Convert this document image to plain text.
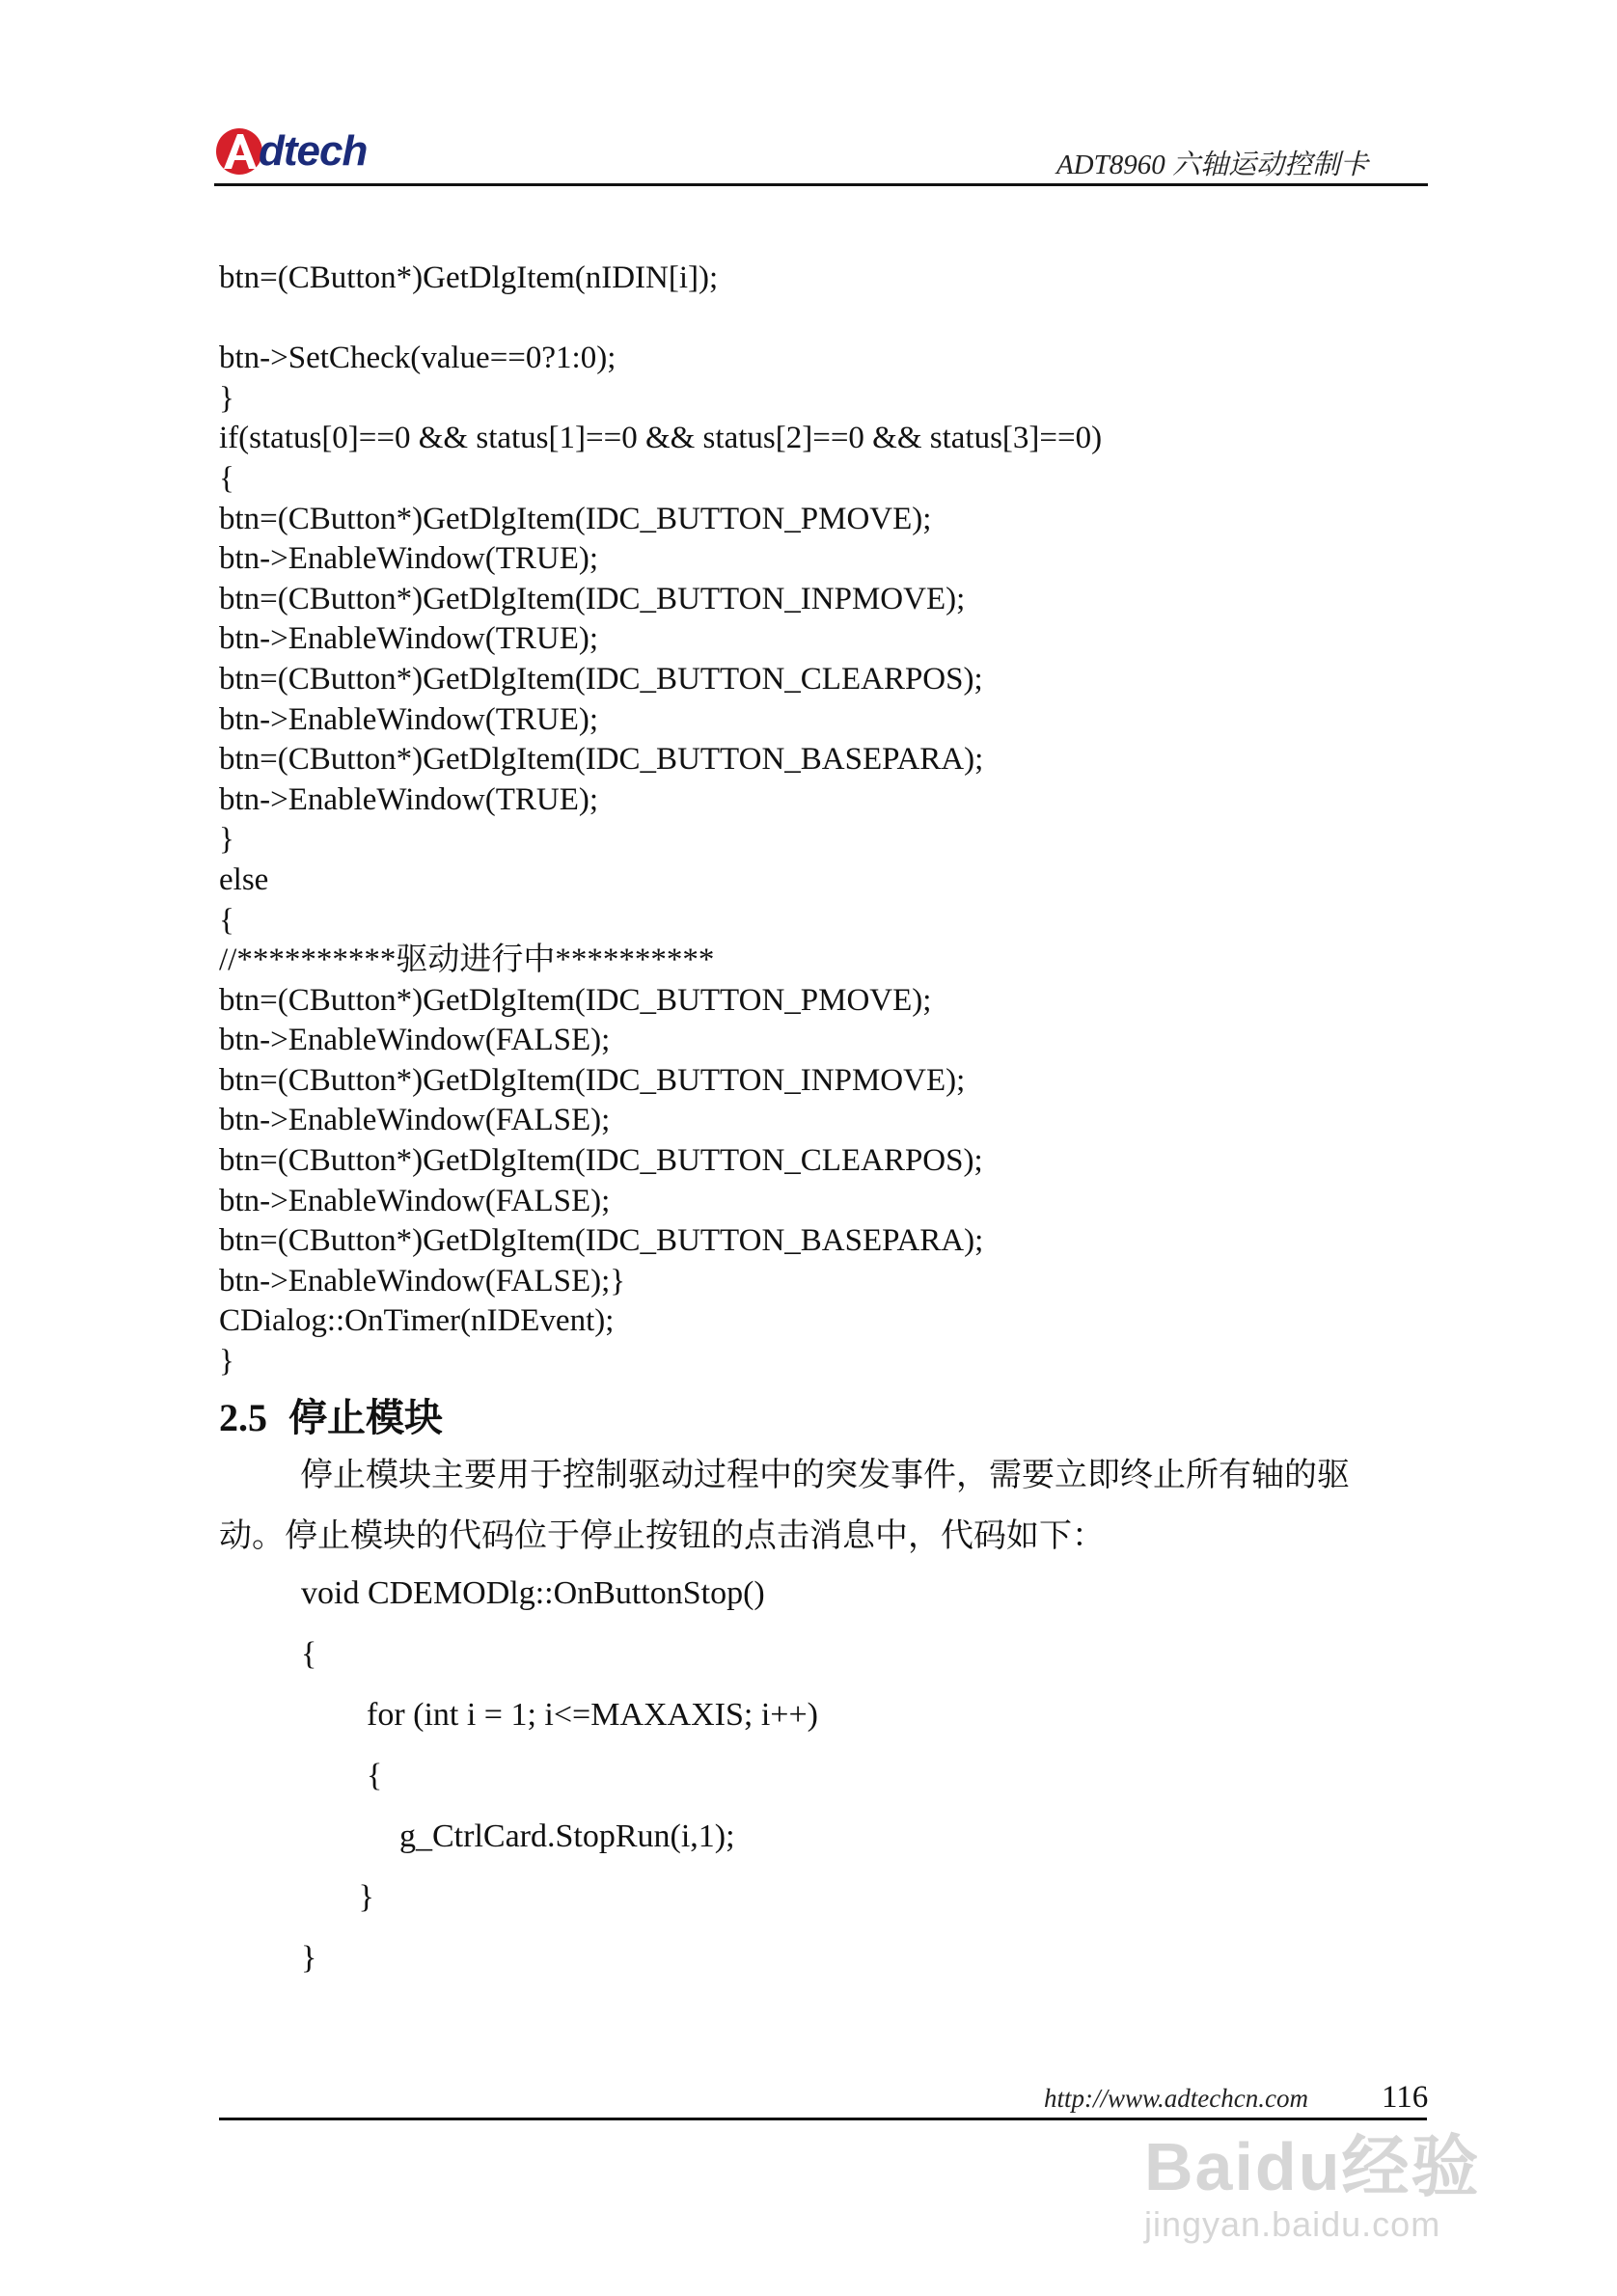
dtech	ADT8960 六轴运动控制卡
btn=(CButton*)GetDlgItem(nIDIN[i]);
btn->SetCheck(value==0?1:0);
}
if(status[0]==0 && status[1]==0 && status[2]==0 && status[3]==0)
{
btn=(CButton*)GetDlgItem(IDC_BUTTON_PMOVE);
btn->EnableWindow(TRUE);
btn=(CButton*)GetDlgItem(IDC_BUTTON_INPMOVE);
btn->EnableWindow(TRUE);
btn=(CButton*)GetDlgItem(IDC_BUTTON_CLEARPOS);
btn->EnableWindow(TRUE);
btn=(CButton*)GetDlgItem(IDC_BUTTON_BASEPARA);
btn->EnableWindow(TRUE);
}
else
{
//**********驱动进行中**********
btn=(CButton*)GetDlgItem(IDC_BUTTON_PMOVE);
btn->EnableWindow(FALSE);
btn=(CButton*)GetDlgItem(IDC_BUTTON_INPMOVE);
btn->EnableWindow(FALSE);
btn=(CButton*)GetDlgItem(IDC_BUTTON_CLEARPOS);
btn->EnableWindow(FALSE);
btn=(CButton*)GetDlgItem(IDC_BUTTON_BASEPARA);
btn->EnableWindow(FALSE);}
CDialog::OnTimer(nIDEvent);
}
2.5 停止模块

停止模块主要用于控制驱动过程中的突发事件，需要立即终止所有轴的驱

动。停止模块的代码位于停止按钮的点击消息中，代码如下：

void CDEMODlg::OnButtonStop()
{
for (int i = 1; i<=MAXAXIS; i++)
{
g_CtrlCard.StopRun(i,1);
}
}
http://www.adtechcn.com 116
Baidu经验
jingyan.baidu.com
